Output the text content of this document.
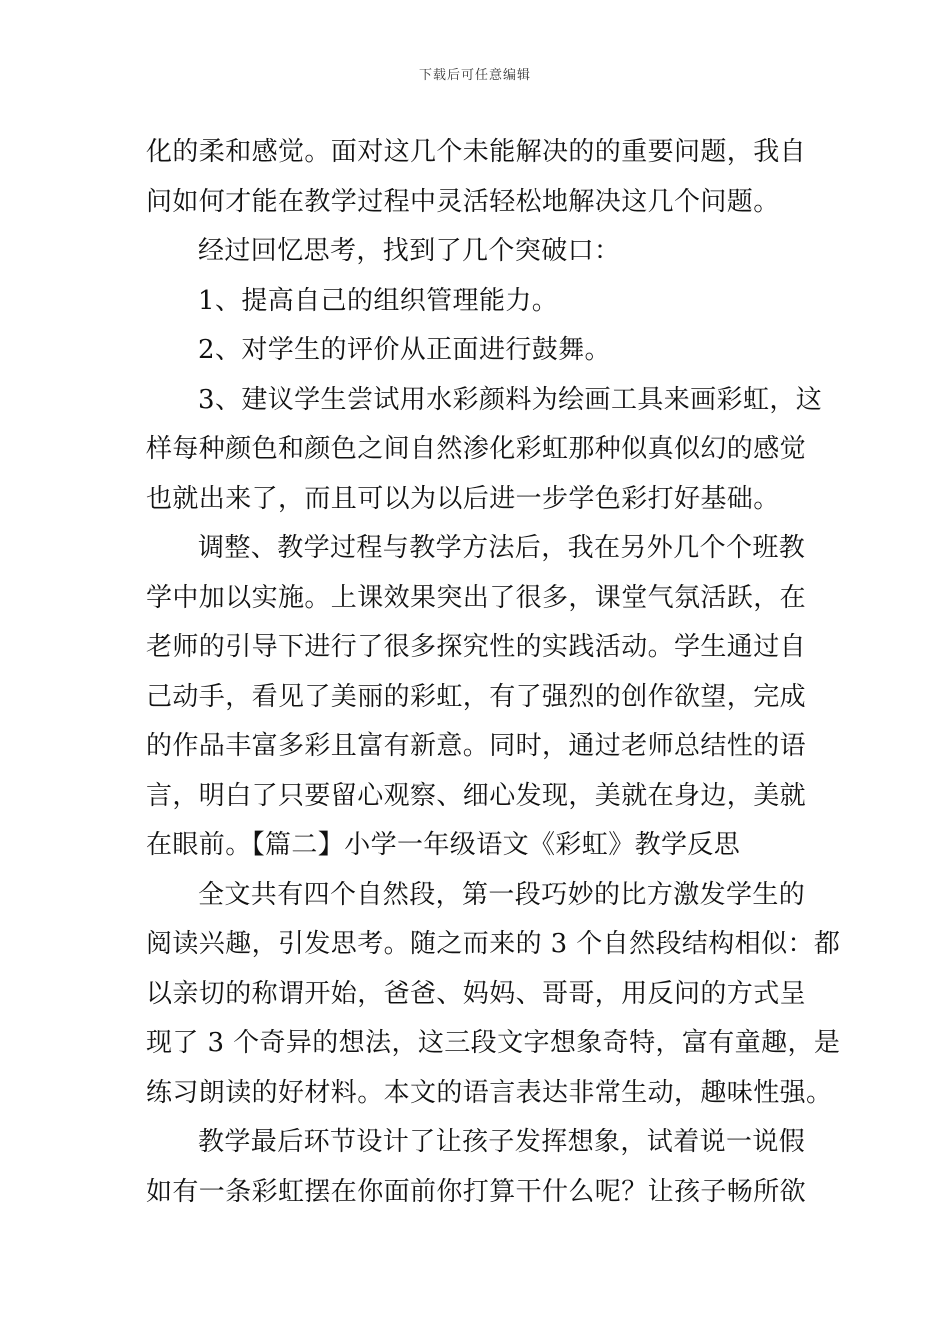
下载后可任意编辑
化的柔和感觉。面对这几个未能解决的的重要问题，我自
问如何才能在教学过程中灵活轻松地解决这几个问题。
经过回忆思考，找到了几个突破口：
1、提高自己的组织管理能力。
2、对学生的评价从正面进行鼓舞。
3、建议学生尝试用水彩颜料为绘画工具来画彩虹，这
样每种颜色和颜色之间自然渗化彩虹那种似真似幻的感觉
也就出来了，而且可以为以后进一步学色彩打好基础。
调整、教学过程与教学方法后，我在另外几个个班教
学中加以实施。上课效果突出了很多，课堂气氛活跃，在
老师的引导下进行了很多探究性的实践活动。学生通过自
己动手，看见了美丽的彩虹，有了强烈的创作欲望，完成
的作品丰富多彩且富有新意。同时，通过老师总结性的语
言，明白了只要留心观察、细心发现，美就在身边，美就
在眼前。【篇二】小学一年级语文《彩虹》教学反思
全文共有四个自然段，第一段巧妙的比方激发学生的
阅读兴趣，引发思考。随之而来的 3 个自然段结构相似：都
以亲切的称谓开始，爸爸、妈妈、哥哥，用反问的方式呈
现了 3 个奇异的想法，这三段文字想象奇特，富有童趣，是
练习朗读的好材料。本文的语言表达非常生动，趣味性强。
教学最后环节设计了让孩子发挥想象，试着说一说假
如有一条彩虹摆在你面前你打算干什么呢？让孩子畅所欲
